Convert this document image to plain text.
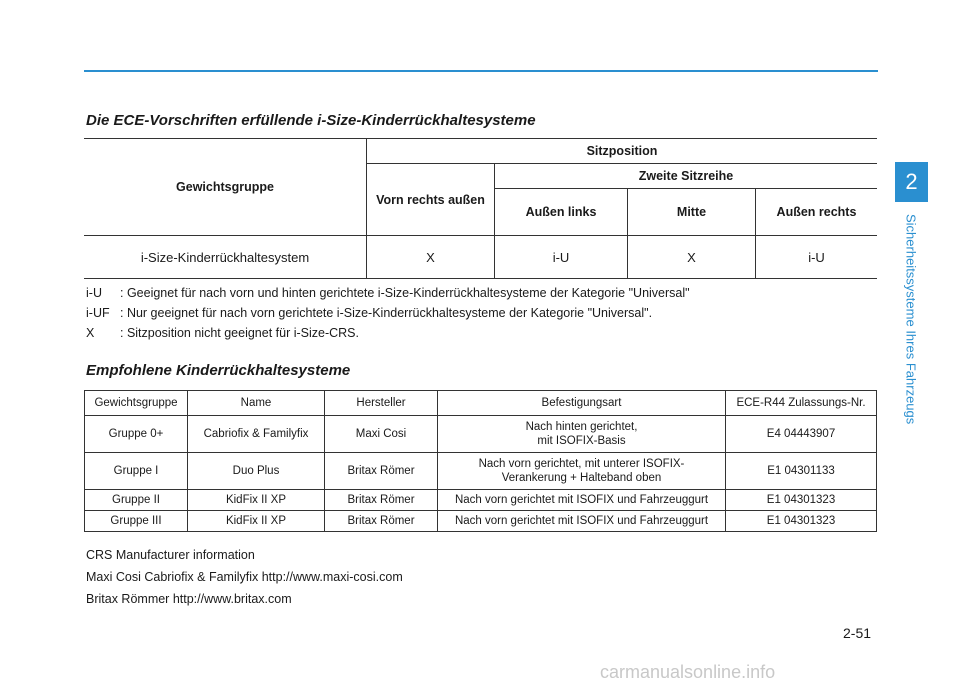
Die ECE-Vorschriften erfüllende i-Size-Kinderrückhaltesysteme
Gewichtsgruppe	Sitzposition			
	Vorn rechts außen	Zweite Sitzreihe		
		Außen links	Mitte	Außen rechts
i-Size-Kinderrückhaltesystem	X	i-U	X	i-U
i-U	: Geeignet für nach vorn und hinten gerichtete i-Size-Kinderrückhaltesysteme der Kategorie "Universal"
i-UF : Nur geeignet für nach vorn gerichtete i-Size-Kinderrückhaltesysteme der Kategorie "Universal".
X	: Sitzposition nicht geeignet für i-Size-CRS.
Empfohlene Kinderrückhaltesysteme
Gewichtsgruppe	Name	Hersteller	Befestigungsart	ECE-R44 Zulassungs-Nr.
Gruppe 0+	Cabriofix & Familyfix	Maxi Cosi	Nach hinten gerichtet,
mit ISOFIX-Basis	E4 04443907
Gruppe I	Duo Plus	Britax Römer	Nach vorn gerichtet, mit unterer ISOFIX-
Verankerung + Halteband oben	E1 04301133
Gruppe II	KidFix II XP	Britax Römer	Nach vorn gerichtet mit ISOFIX und Fahrzeuggurt	E1 04301323
Gruppe III	KidFix II XP	Britax Römer	Nach vorn gerichtet mit ISOFIX und Fahrzeuggurt	E1 04301323
CRS Manufacturer information
Maxi Cosi Cabriofix & Familyfix http://www.maxi-cosi.com
Britax Römmer http://www.britax.com
2
Sicherheitssysteme Ihres Fahrzeugs
2-51
carmanualsonline.info
